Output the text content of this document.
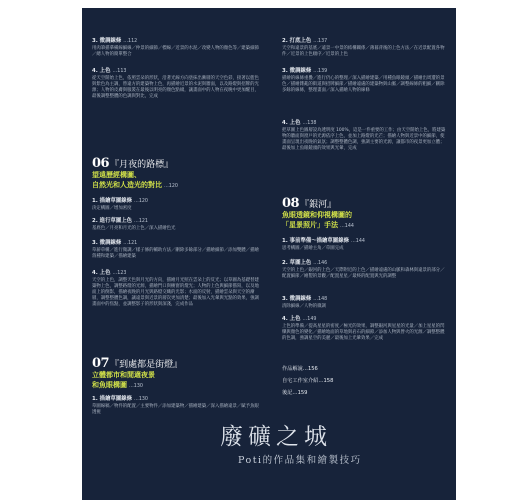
3. 微調線條 …112
用肉筆描摹橫線細線／仲景的細節／標線／近景的水泥／改變人物的顏色等／建築細節／總人物的簡單整合
4. 上色 …113
從天空開始上色，依照雲朵的形狀，沿著光線方向塗抹出漸層的天空色彩，接著以藍色與紫色為主調，替遠方的建築物上色，再描繪近景的水泥與牆面，以及路燈與招牌的光源；人物的皮膚與服裝在最後以明亮的顏色點綴，讓畫面中的人物在夜晚中更加醒目，最後調整整體的色調與對比，完成
06『月夜的路標』
望遠歷經構圖、
自然光和人造光的對比 …120
1. 描繪草圖線條 …120
決定構圖／增加密度
2. 進行草圖上色 …121
基底色／月亮和月光的上色／深入描繪色光
3. 微調線條 …121
草薪草構／進行微調／樣子修的輔助方法／刪除多餘部分／描繪細節／添加雙體／描繪殼種和建築／描繪建築
4. 上色 …123
天空的上色，調整天色與月光的方向，描繪月光照在雲朵上的反光；以草圖為基礎替建築物上色，調整路燈的光源，描繪門口與櫥窗的燈光；人物的上色與細節描寫，以及地面上的倒影，描繪夜晚的月光與路燈交織的光影；水面的反射，描繪雲朵與天空的漸層，調整整體色調，讓遠景與近景的層次更加清楚；最後加入光暈與光點的效果，強調畫面中的焦點，並調整影子的形狀與深淺，完成作品
07『到處都是街燈』
立體都市和閒適夜景
和魚眼構圖 …130
1. 描繪草圖線條 …130
草圖線稿／物件的配置／主要物件／添加建築物／描繪建築／深入描繪遠景／賦予魚眼透視
2. 打底上色 …137
天空和遠景的基底／遠景一中景的結構關係／薄暮背後的上色方法／在近景配置各物件／近景的上色順序／近景的上色
3. 微調線條 …139
描繪的線條重疊／進行仍心的整理／深入描繪建築／用種魚眼鏡頭／描繪出周遭的景色／描繪雜亂的街道與招牌細節／描繪遠處的建築物與山脈／調整線條的粗細／刪除多餘的線條，整理畫面／深入描繪人物的線條
4. 上色 …138
把草圖上色圖層設為透明度 100%，這是一件重要的工作；由天空開始上色，將建築物的牆面與窗戶的光源依序上色，並加上路燈的光芒；描繪人物與近景中的細節，使畫面呈現出夜晚的氣氛；調整整體色調，強調主要的光源，讓都市的夜景更加立體；最後加上魚眼鏡頭的效果與光暈，完成
08『銀河』
魚眼透鏡和仰視構圖的
「星景照片」手法 …144
1. 事前準備～描繪草圖線條 …144
思考構圖／描繪主角／草圖完成
2. 草圖上色 …146
天空的上色／銀河的上色／天際附近的上色／描繪遠處的山脈和森林與遠景的部分／配置細節／繪製的景觀／配置星星／最終的配置與光的調整
3. 微調線條 …148
清除細線／人物的微調
4. 上色 …149
上色的準備／提高星星的密度／極光的效果，調整銀河與星星的光量／加上星星的閃爍與顏色的變化／描繪地面的草地與岩石的細節／添加人物與營火的光源／調整整體的色調，強調星空的美麗／最後加上光暈效果／完成
作品解說…156
自宅工作室介紹…158
後記…159
廢礦之城
Poti的作品集和繪製技巧
